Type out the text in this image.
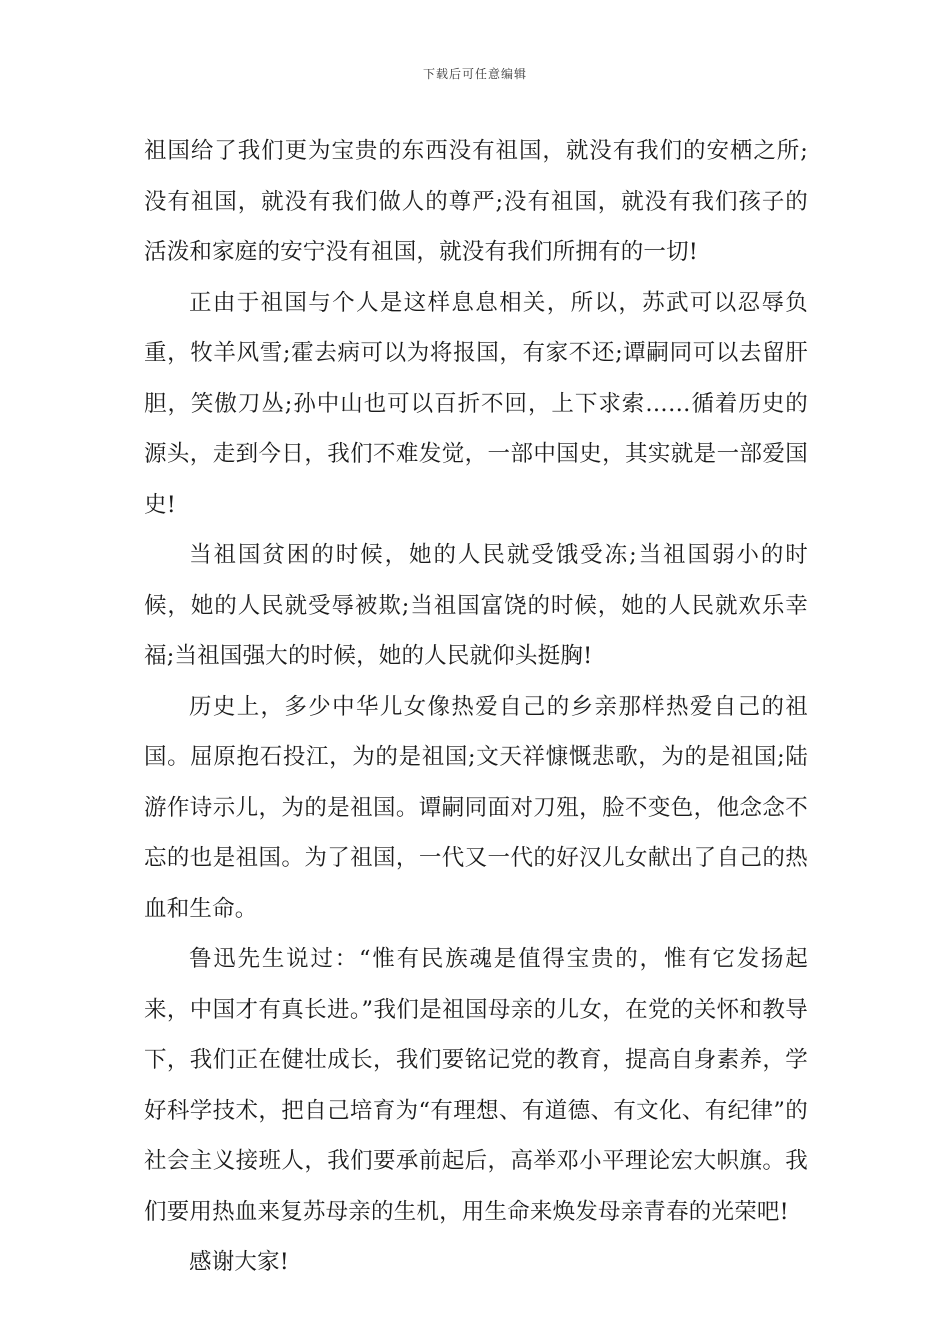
下载后可任意编辑

祖国给了我们更为宝贵的东西没有祖国，就没有我们的安栖之所;没有祖国，就没有我们做人的尊严;没有祖国，就没有我们孩子的活泼和家庭的安宁没有祖国，就没有我们所拥有的一切!

正由于祖国与个人是这样息息相关，所以，苏武可以忍辱负重，牧羊风雪;霍去病可以为将报国，有家不还;谭嗣同可以去留肝胆，笑傲刀丛;孙中山也可以百折不回，上下求索……循着历史的源头，走到今日，我们不难发觉，一部中国史，其实就是一部爱国史!

当祖国贫困的时候，她的人民就受饿受冻;当祖国弱小的时候，她的人民就受辱被欺;当祖国富饶的时候，她的人民就欢乐幸福;当祖国强大的时候，她的人民就仰头挺胸!

历史上，多少中华儿女像热爱自己的乡亲那样热爱自己的祖国。屈原抱石投江，为的是祖国;文天祥慷慨悲歌，为的是祖国;陆游作诗示儿，为的是祖国。谭嗣同面对刀殂，脸不变色，他念念不忘的也是祖国。为了祖国，一代又一代的好汉儿女献出了自己的热血和生命。

鲁迅先生说过：“惟有民族魂是值得宝贵的，惟有它发扬起来，中国才有真长进。”我们是祖国母亲的儿女，在党的关怀和教导下，我们正在健壮成长，我们要铭记党的教育，提高自身素养，学好科学技术，把自己培育为“有理想、有道德、有文化、有纪律”的社会主义接班人，我们要承前起后，高举邓小平理论宏大帜旗。我们要用热血来复苏母亲的生机，用生命来焕发母亲青春的光荣吧!

感谢大家!
